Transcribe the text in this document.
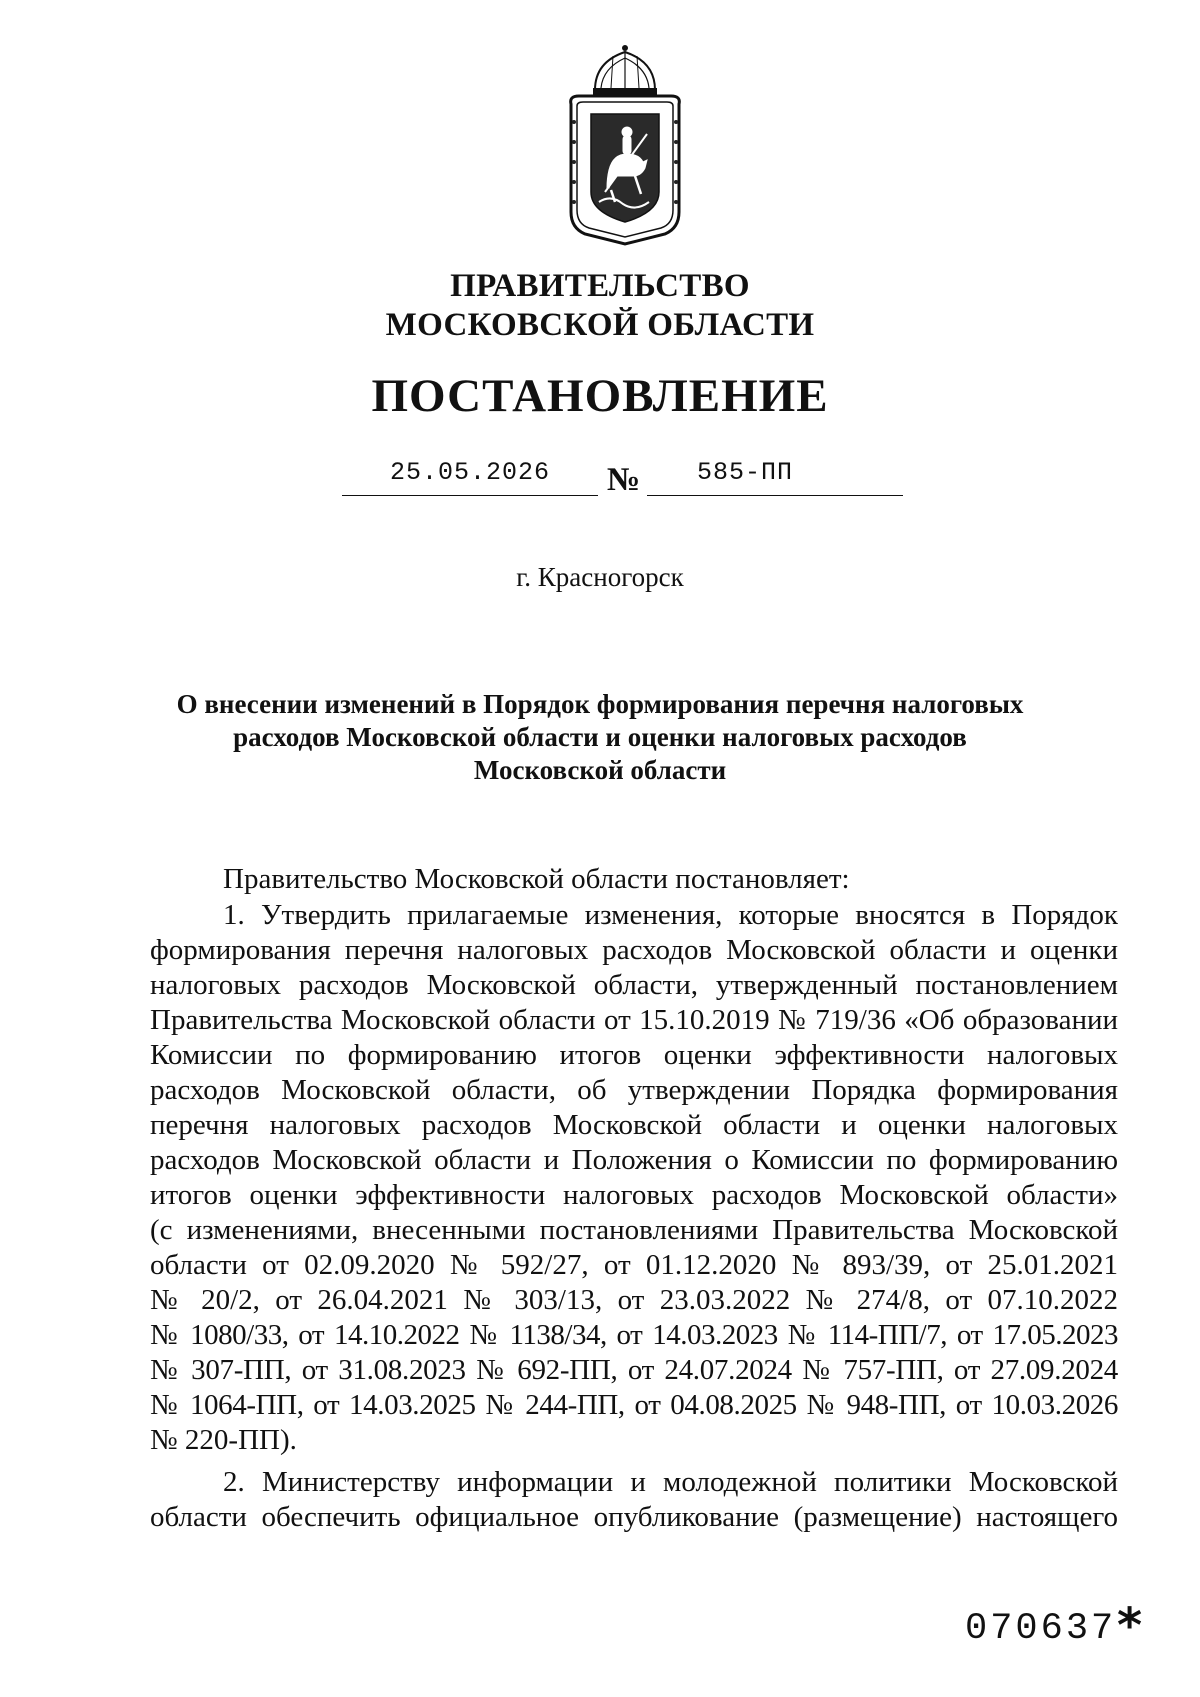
ПРАВИТЕЛЬСТВО
МОСКОВСКОЙ ОБЛАСТИ
ПОСТАНОВЛЕНИЕ
25.05.2026 № 585-ПП
г. Красногорск
О внесении изменений в Порядок формирования перечня налоговых
расходов Московской области и оценки налоговых расходов
Московской области
Правительство Московской области постановляет:
1. Утвердить прилагаемые изменения, которые вносятся в Порядок
формирования перечня налоговых расходов Московской области и оценки
налоговых расходов Московской области, утвержденный постановлением
Правительства Московской области от 15.10.2019 № 719/36 «Об образовании
Комиссии по формированию итогов оценки эффективности налоговых
расходов Московской области, об утверждении Порядка формирования
перечня налоговых расходов Московской области и оценки налоговых
расходов Московской области и Положения о Комиссии по формированию
итогов оценки эффективности налоговых расходов Московской области»
(с изменениями, внесенными постановлениями Правительства Московской
области от 02.09.2020 № 592/27, от 01.12.2020 № 893/39, от 25.01.2021
№ 20/2, от 26.04.2021 № 303/13, от 23.03.2022 № 274/8, от 07.10.2022
№ 1080/33, от 14.10.2022 № 1138/34, от 14.03.2023 № 114-ПП/7, от 17.05.2023
№ 307-ПП, от 31.08.2023 № 692-ПП, от 24.07.2024 № 757-ПП, от 27.09.2024
№ 1064-ПП, от 14.03.2025 № 244-ПП, от 04.08.2025 № 948-ПП, от 10.03.2026
№ 220-ПП).
2. Министерству информации и молодежной политики Московской
области обеспечить официальное опубликование (размещение) настоящего
070637 *
